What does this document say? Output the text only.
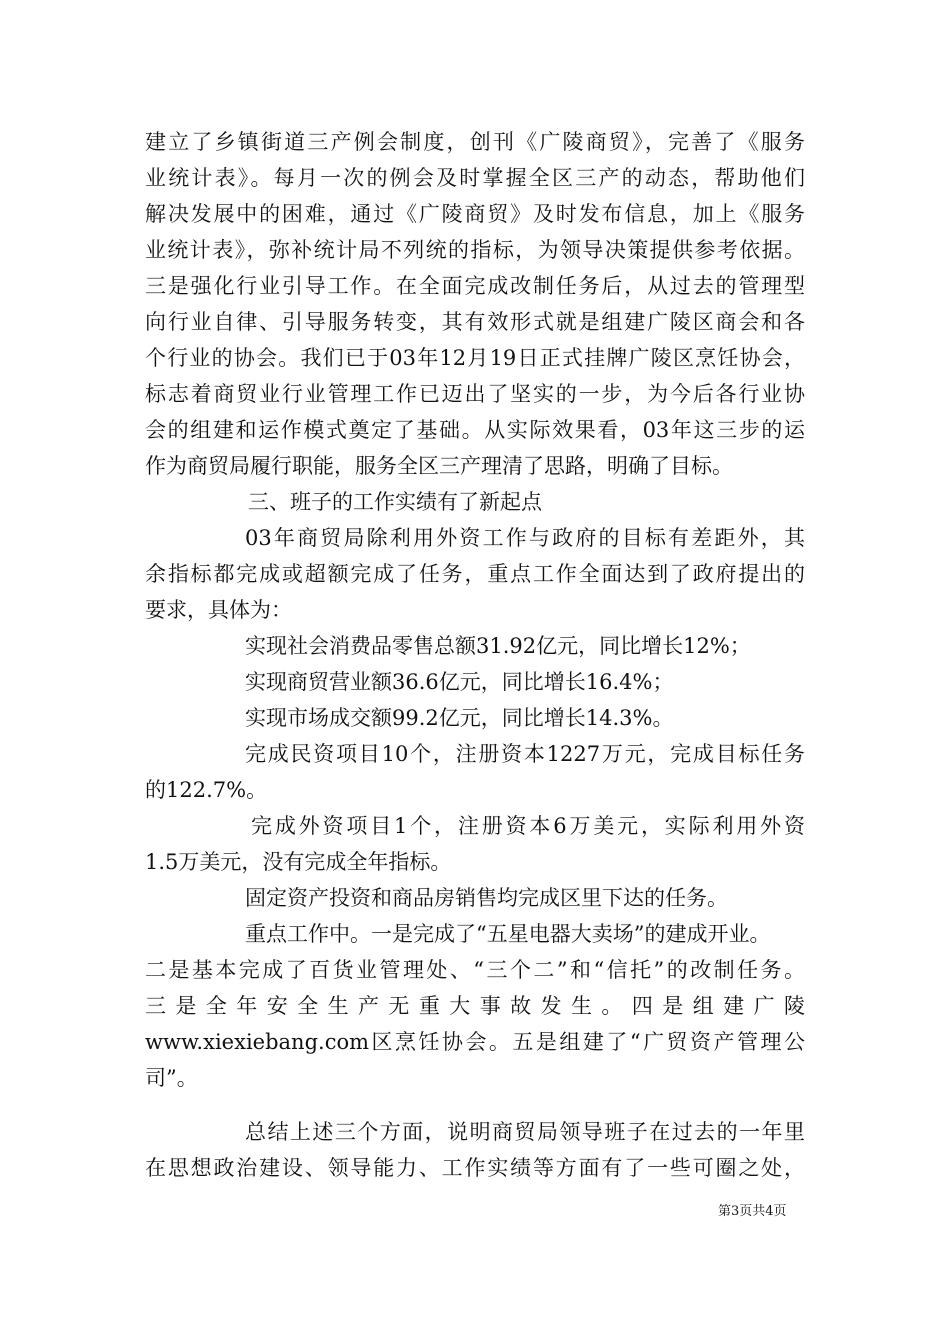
建立了乡镇街道三产例会制度，创刊《广陵商贸》，完善了《服务
业统计表》。每月一次的例会及时掌握全区三产的动态，帮助他们
解决发展中的困难，通过《广陵商贸》及时发布信息，加上《服务
业统计表》，弥补统计局不列统的指标，为领导决策提供参考依据。
三是强化行业引导工作。在全面完成改制任务后，从过去的管理型
向行业自律、引导服务转变，其有效形式就是组建广陵区商会和各
个行业的协会。我们已于03年12月19日正式挂牌广陵区烹饪协会，
标志着商贸业行业管理工作已迈出了坚实的一步，为今后各行业协
会的组建和运作模式奠定了基础。从实际效果看，03年这三步的运
作为商贸局履行职能，服务全区三产理清了思路，明确了目标。
三、班子的工作实绩有了新起点
03年商贸局除利用外资工作与政府的目标有差距外，其
余指标都完成或超额完成了任务，重点工作全面达到了政府提出的
要求，具体为：
实现社会消费品零售总额31.92亿元，同比增长12%；
实现商贸营业额36.6亿元，同比增长16.4%；
实现市场成交额99.2亿元，同比增长14.3%。
完成民资项目10个，注册资本1227万元，完成目标任务
的122.7%。
完成外资项目1个，注册资本6万美元，实际利用外资
1.5万美元，没有完成全年指标。
固定资产投资和商品房销售均完成区里下达的任务。
重点工作中。一是完成了“五星电器大卖场”的建成开业。
二是基本完成了百货业管理处、“三个二”和“信托”的改制任务。
三是全年安全生产无重大事故发生。四是组建广陵
www.xiexiebang.com区烹饪协会。五是组建了“广贸资产管理公
司”。
总结上述三个方面，说明商贸局领导班子在过去的一年里
在思想政治建设、领导能力、工作实绩等方面有了一些可圈之处，
第3页共4页
